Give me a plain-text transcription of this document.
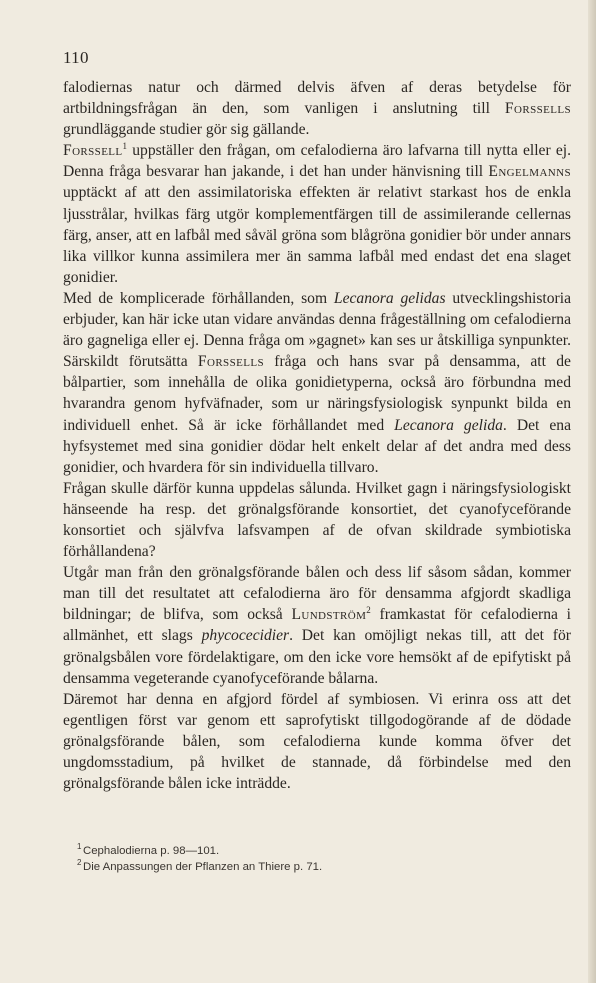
110

falodiernas natur och därmed delvis äfven af deras betydelse för artbildningsfrågan än den, som vanligen i anslutning till Forssells grundläggande studier gör sig gällande.

Forssell$^1$ uppställer den frågan, om cefalodierna äro lafvarna till nytta eller ej. Denna fråga besvarar han jakande, i det han under hänvisning till Engelmanns upptäckt af att den assimilatoriska effekten är relativt starkast hos de enkla ljusstrålar, hvilkas färg utgör komplementfärgen till de assimilerande cellernas färg, anser, att en lafbål med såväl gröna som blågröna gonidier bör under annars lika villkor kunna assimilera mer än samma lafbål med endast det ena slaget gonidier.

Med de komplicerade förhållanden, som Lecanora gelidas utvecklingshistoria erbjuder, kan här icke utan vidare användas denna frågeställning om cefalodierna äro gagneliga eller ej. Denna fråga om »gagnet» kan ses ur åtskilliga synpunkter. Särskildt förutsätta Forssells fråga och hans svar på densamma, att de bålpartier, som innehålla de olika gonidietyperna, också äro förbundna med hvarandra genom hyfväfnader, som ur näringsfysiologisk synpunkt bilda en individuell enhet. Så är icke förhållandet med Lecanora gelida. Det ena hyfsystemet med sina gonidier dödar helt enkelt delar af det andra med dess gonidier, och hvardera för sin individuella tillvaro.

Frågan skulle därför kunna uppdelas sålunda. Hvilket gagn i näringsfysiologiskt hänseende ha resp. det grönalgsförande konsortiet, det cyanofyceförande konsortiet och självfva lafsvampen af de ofvan skildrade symbiotiska förhållandena?

Utgår man från den grönalgsförande bålen och dess lif såsom sådan, kommer man till det resultatet att cefalodierna äro för densamma afgjordt skadliga bildningar; de blifva, som också Lundström$^2$ framkastat för cefalodierna i allmänhet, ett slags phycocecidier. Det kan omöjligt nekas till, att det för grönalgsbålen vore fördelaktigare, om den icke vore hemsökt af de epifytiskt på densamma vegeterande cyanofyceförande bålarna.

Däremot har denna en afgjord fördel af symbiosen. Vi erinra oss att det egentligen först var genom ett saprofytiskt tillgodogörande af de dödade grönalgsförande bålen, som cefalodierna kunde komma öfver det ungdomsstadium, på hvilket de stannade, då förbindelse med den grönalgsförande bålen icke inträdde.

1 Cephalodierna p. 98—101.

2 Die Anpassungen der Pflanzen an Thiere p. 71.
